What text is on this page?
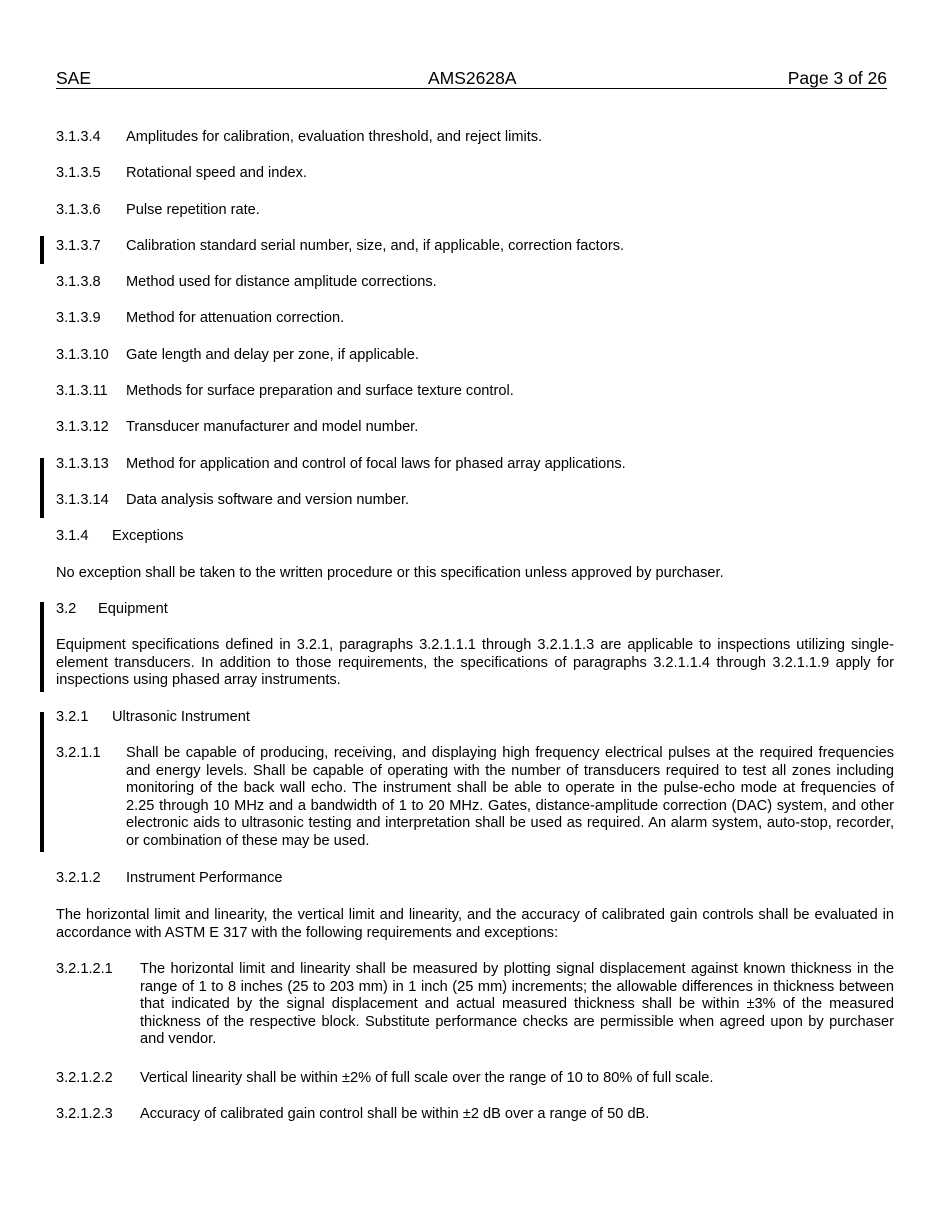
SAE	AMS2628A	Page 3 of 26
3.1.3.4 Amplitudes for calibration, evaluation threshold, and reject limits.
3.1.3.5 Rotational speed and index.
3.1.3.6 Pulse repetition rate.
3.1.3.7 Calibration standard serial number, size, and, if applicable, correction factors.
3.1.3.8 Method used for distance amplitude corrections.
3.1.3.9 Method for attenuation correction.
3.1.3.10 Gate length and delay per zone, if applicable.
3.1.3.11 Methods for surface preparation and surface texture control.
3.1.3.12 Transducer manufacturer and model number.
3.1.3.13 Method for application and control of focal laws for phased array applications.
3.1.3.14 Data analysis software and version number.
3.1.4 Exceptions
No exception shall be taken to the written procedure or this specification unless approved by purchaser.
3.2 Equipment
Equipment specifications defined in 3.2.1, paragraphs 3.2.1.1.1 through 3.2.1.1.3 are applicable to inspections utilizing single-element transducers. In addition to those requirements, the specifications of paragraphs 3.2.1.1.4 through 3.2.1.1.9 apply for inspections using phased array instruments.
3.2.1 Ultrasonic Instrument
3.2.1.1 Shall be capable of producing, receiving, and displaying high frequency electrical pulses at the required frequencies and energy levels. Shall be capable of operating with the number of transducers required to test all zones including monitoring of the back wall echo. The instrument shall be able to operate in the pulse-echo mode at frequencies of 2.25 through 10 MHz and a bandwidth of 1 to 20 MHz. Gates, distance-amplitude correction (DAC) system, and other electronic aids to ultrasonic testing and interpretation shall be used as required. An alarm system, auto-stop, recorder, or combination of these may be used.
3.2.1.2 Instrument Performance
The horizontal limit and linearity, the vertical limit and linearity, and the accuracy of calibrated gain controls shall be evaluated in accordance with ASTM E 317 with the following requirements and exceptions:
3.2.1.2.1 The horizontal limit and linearity shall be measured by plotting signal displacement against known thickness in the range of 1 to 8 inches (25 to 203 mm) in 1 inch (25 mm) increments; the allowable differences in thickness between that indicated by the signal displacement and actual measured thickness shall be within ±3% of the measured thickness of the respective block. Substitute performance checks are permissible when agreed upon by purchaser and vendor.
3.2.1.2.2 Vertical linearity shall be within ±2% of full scale over the range of 10 to 80% of full scale.
3.2.1.2.3 Accuracy of calibrated gain control shall be within ±2 dB over a range of 50 dB.
